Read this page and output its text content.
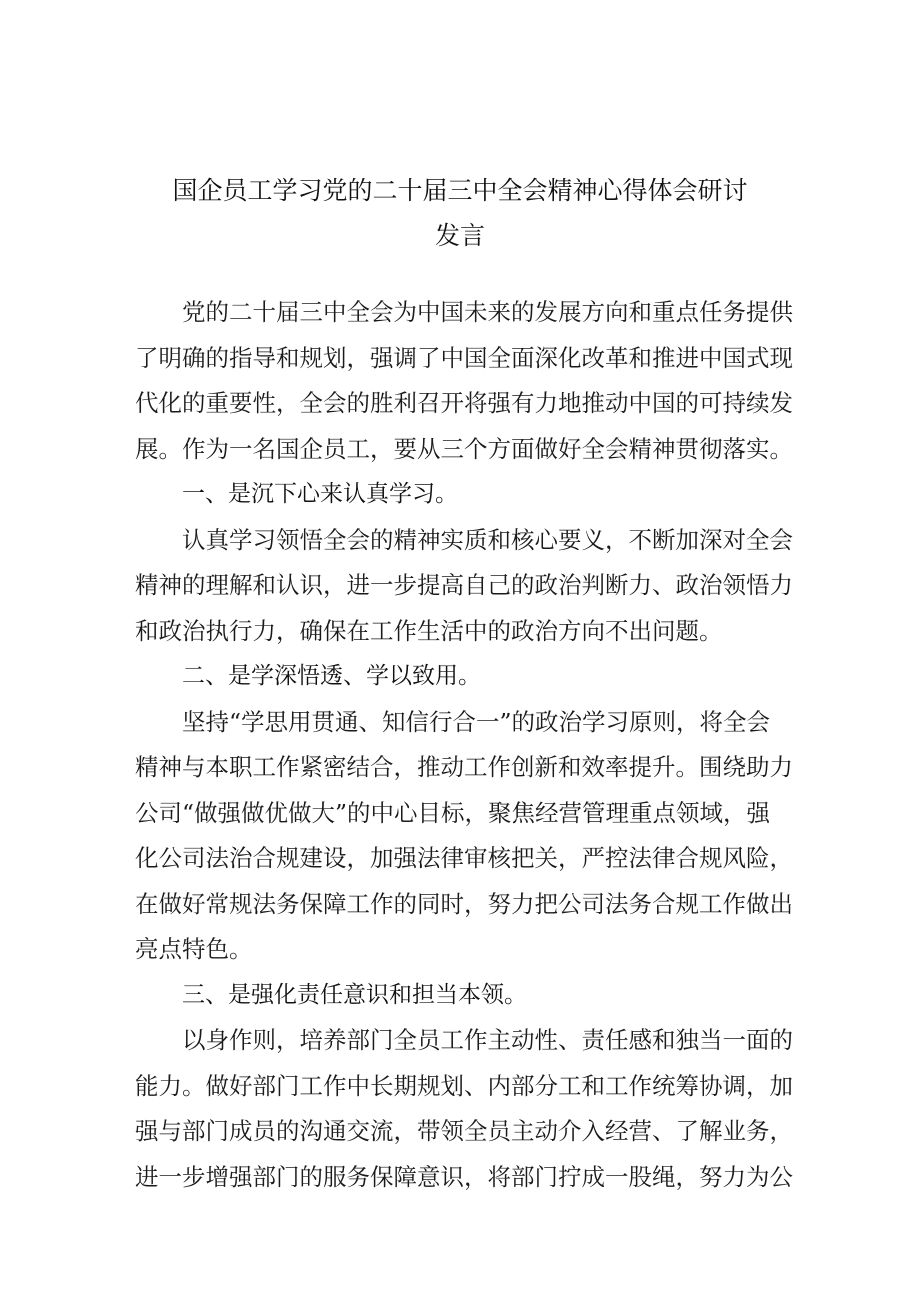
国企员工学习党的二十届三中全会精神心得体会研讨
发言
党的二十届三中全会为中国未来的发展方向和重点任务提供
了明确的指导和规划，强调了中国全面深化改革和推进中国式现
代化的重要性，全会的胜利召开将强有力地推动中国的可持续发
展。作为一名国企员工，要从三个方面做好全会精神贯彻落实。
一、是沉下心来认真学习。
认真学习领悟全会的精神实质和核心要义，不断加深对全会
精神的理解和认识，进一步提高自己的政治判断力、政治领悟力
和政治执行力，确保在工作生活中的政治方向不出问题。
二、是学深悟透、学以致用。
坚持“学思用贯通、知信行合一”的政治学习原则，将全会
精神与本职工作紧密结合，推动工作创新和效率提升。围绕助力
公司“做强做优做大”的中心目标，聚焦经营管理重点领域，强
化公司法治合规建设，加强法律审核把关，严控法律合规风险，
在做好常规法务保障工作的同时，努力把公司法务合规工作做出
亮点特色。
三、是强化责任意识和担当本领。
以身作则，培养部门全员工作主动性、责任感和独当一面的
能力。做好部门工作中长期规划、内部分工和工作统筹协调，加
强与部门成员的沟通交流，带领全员主动介入经营、了解业务，
进一步增强部门的服务保障意识，将部门拧成一股绳，努力为公
